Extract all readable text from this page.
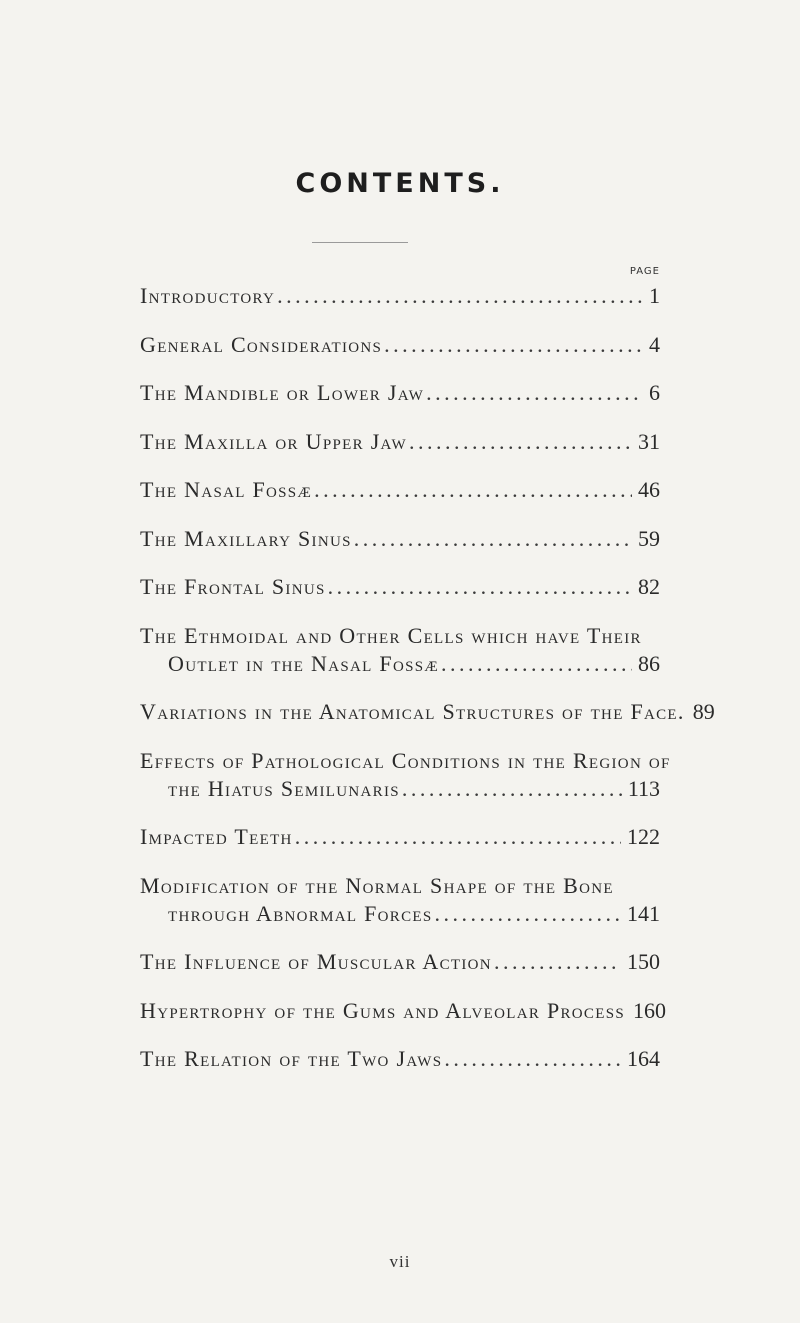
CONTENTS.
PAGE
Introductory . . .	1
General Considerations . . .	4
The Mandible or Lower Jaw . . .	6
The Maxilla or Upper Jaw . . .	31
The Nasal Fossæ . . .	46
The Maxillary Sinus . . .	59
The Frontal Sinus . . .	82
The Ethmoidal and Other Cells which have Their
Outlet in the Nasal Fossæ . . .	86
Variations in the Anatomical Structures of the Face. 89
Effects of Pathological Conditions in the Region of
the Hiatus Semilunaris . . .	113
Impacted Teeth . . .	122
Modification of the Normal Shape of the Bone
through Abnormal Forces . . .	141
The Influence of Muscular Action . . .	150
Hypertrophy of the Gums and Alveolar Process 160
The Relation of the Two Jaws . . .	164
vii
